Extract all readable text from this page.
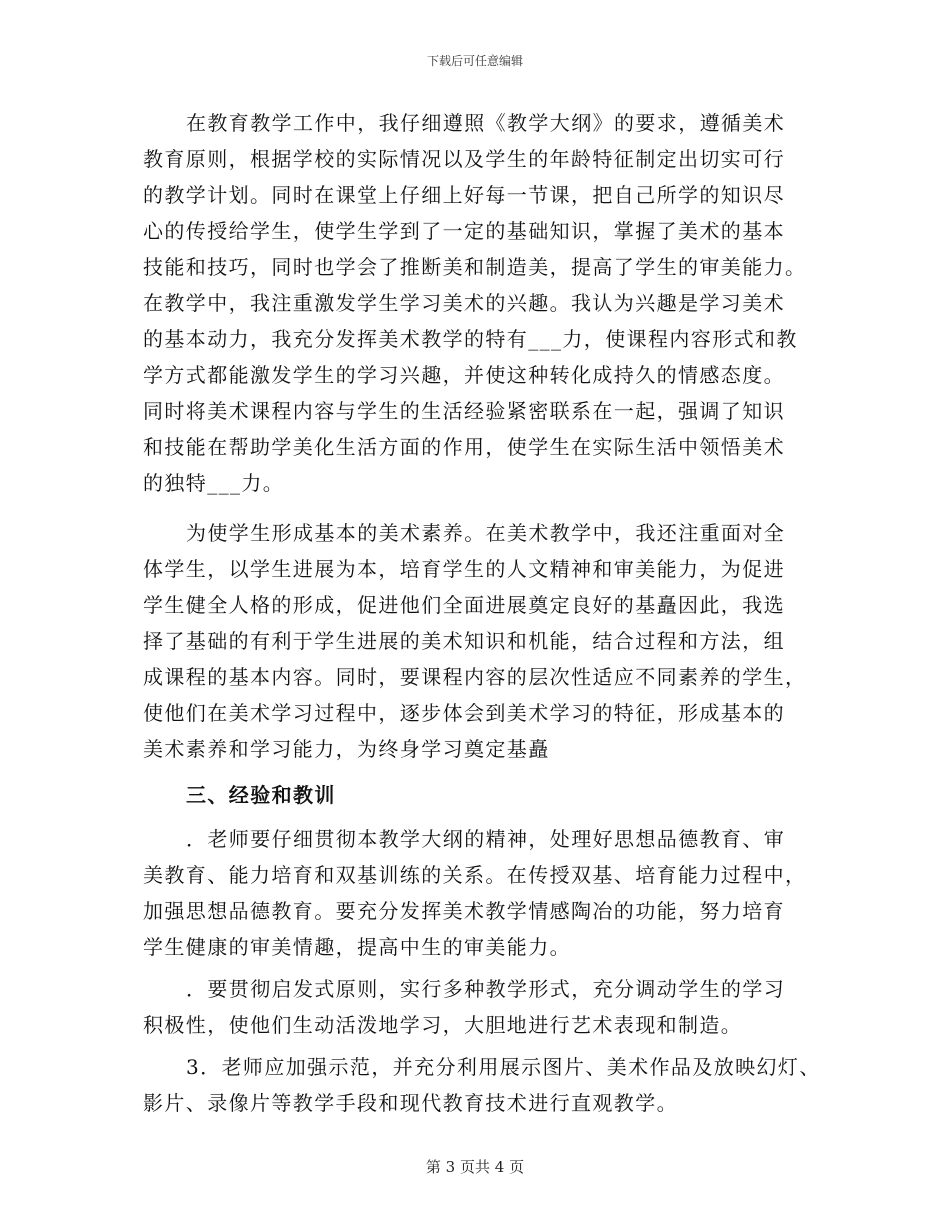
下载后可任意编辑
在教育教学工作中，我仔细遵照《教学大纲》的要求，遵循美术
教育原则，根据学校的实际情况以及学生的年龄特征制定出切实可行
的教学计划。同时在课堂上仔细上好每一节课，把自己所学的知识尽
心的传授给学生，使学生学到了一定的基础知识，掌握了美术的基本
技能和技巧，同时也学会了推断美和制造美，提高了学生的审美能力。
在教学中，我注重激发学生学习美术的兴趣。我认为兴趣是学习美术
的基本动力，我充分发挥美术教学的特有___力，使课程内容形式和教
学方式都能激发学生的学习兴趣，并使这种转化成持久的情感态度。
同时将美术课程内容与学生的生活经验紧密联系在一起，强调了知识
和技能在帮助学美化生活方面的作用，使学生在实际生活中领悟美术
的独特___力。
为使学生形成基本的美术素养。在美术教学中，我还注重面对全
体学生，以学生进展为本，培育学生的人文精神和审美能力，为促进
学生健全人格的形成，促进他们全面进展奠定良好的基矗因此，我选
择了基础的有利于学生进展的美术知识和机能，结合过程和方法，组
成课程的基本内容。同时，要课程内容的层次性适应不同素养的学生，
使他们在美术学习过程中，逐步体会到美术学习的特征，形成基本的
美术素养和学习能力，为终身学习奠定基矗
三、经验和教训
．老师要仔细贯彻本教学大纲的精神，处理好思想品德教育、审
美教育、能力培育和双基训练的关系。在传授双基、培育能力过程中，
加强思想品德教育。要充分发挥美术教学情感陶冶的功能，努力培育
学生健康的审美情趣，提高中生的审美能力。
．要贯彻启发式原则，实行多种教学形式，充分调动学生的学习
积极性，使他们生动活泼地学习，大胆地进行艺术表现和制造。
3．老师应加强示范，并充分利用展示图片、美术作品及放映幻灯、
影片、录像片等教学手段和现代教育技术进行直观教学。
第 3 页共 4 页
